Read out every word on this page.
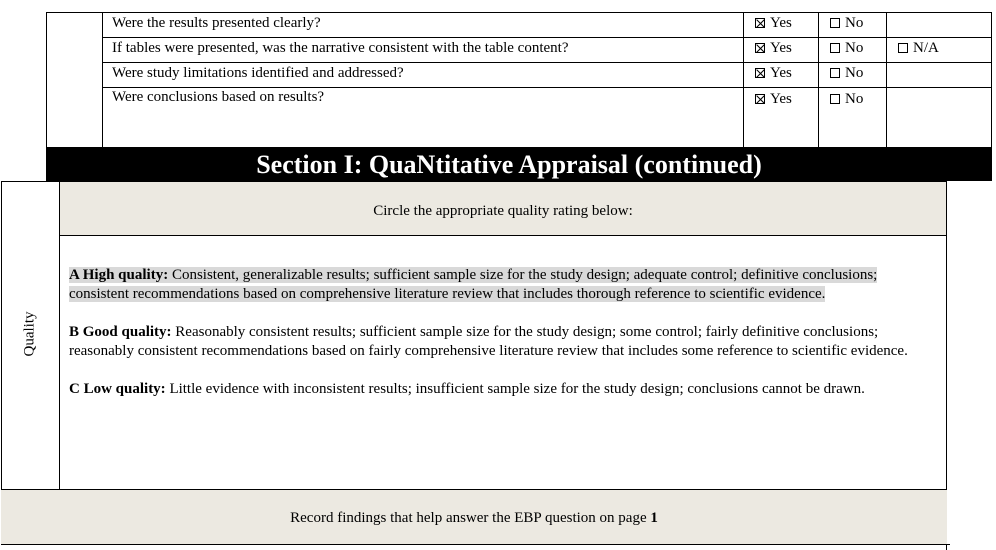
Were the results presented clearly?	Yes	No
If tables were presented, was the narrative consistent with the table content?	Yes	No	N/A
Were study limitations identified and addressed?	Yes	No
Were conclusions based on results?	Yes	No
Section I: QuaNtitative Appraisal (continued)
Quality
Circle the appropriate quality rating below:
A High quality: Consistent, generalizable results; sufficient sample size for the study design; adequate control; definitive conclusions; consistent recommendations based on comprehensive literature review that includes thorough reference to scientific evidence.
B Good quality: Reasonably consistent results; sufficient sample size for the study design; some control; fairly definitive conclusions; reasonably consistent recommendations based on fairly comprehensive literature review that includes some reference to scientific evidence.
C Low quality: Little evidence with inconsistent results; insufficient sample size for the study design; conclusions cannot be drawn.
Record findings that help answer the EBP question on page 1
